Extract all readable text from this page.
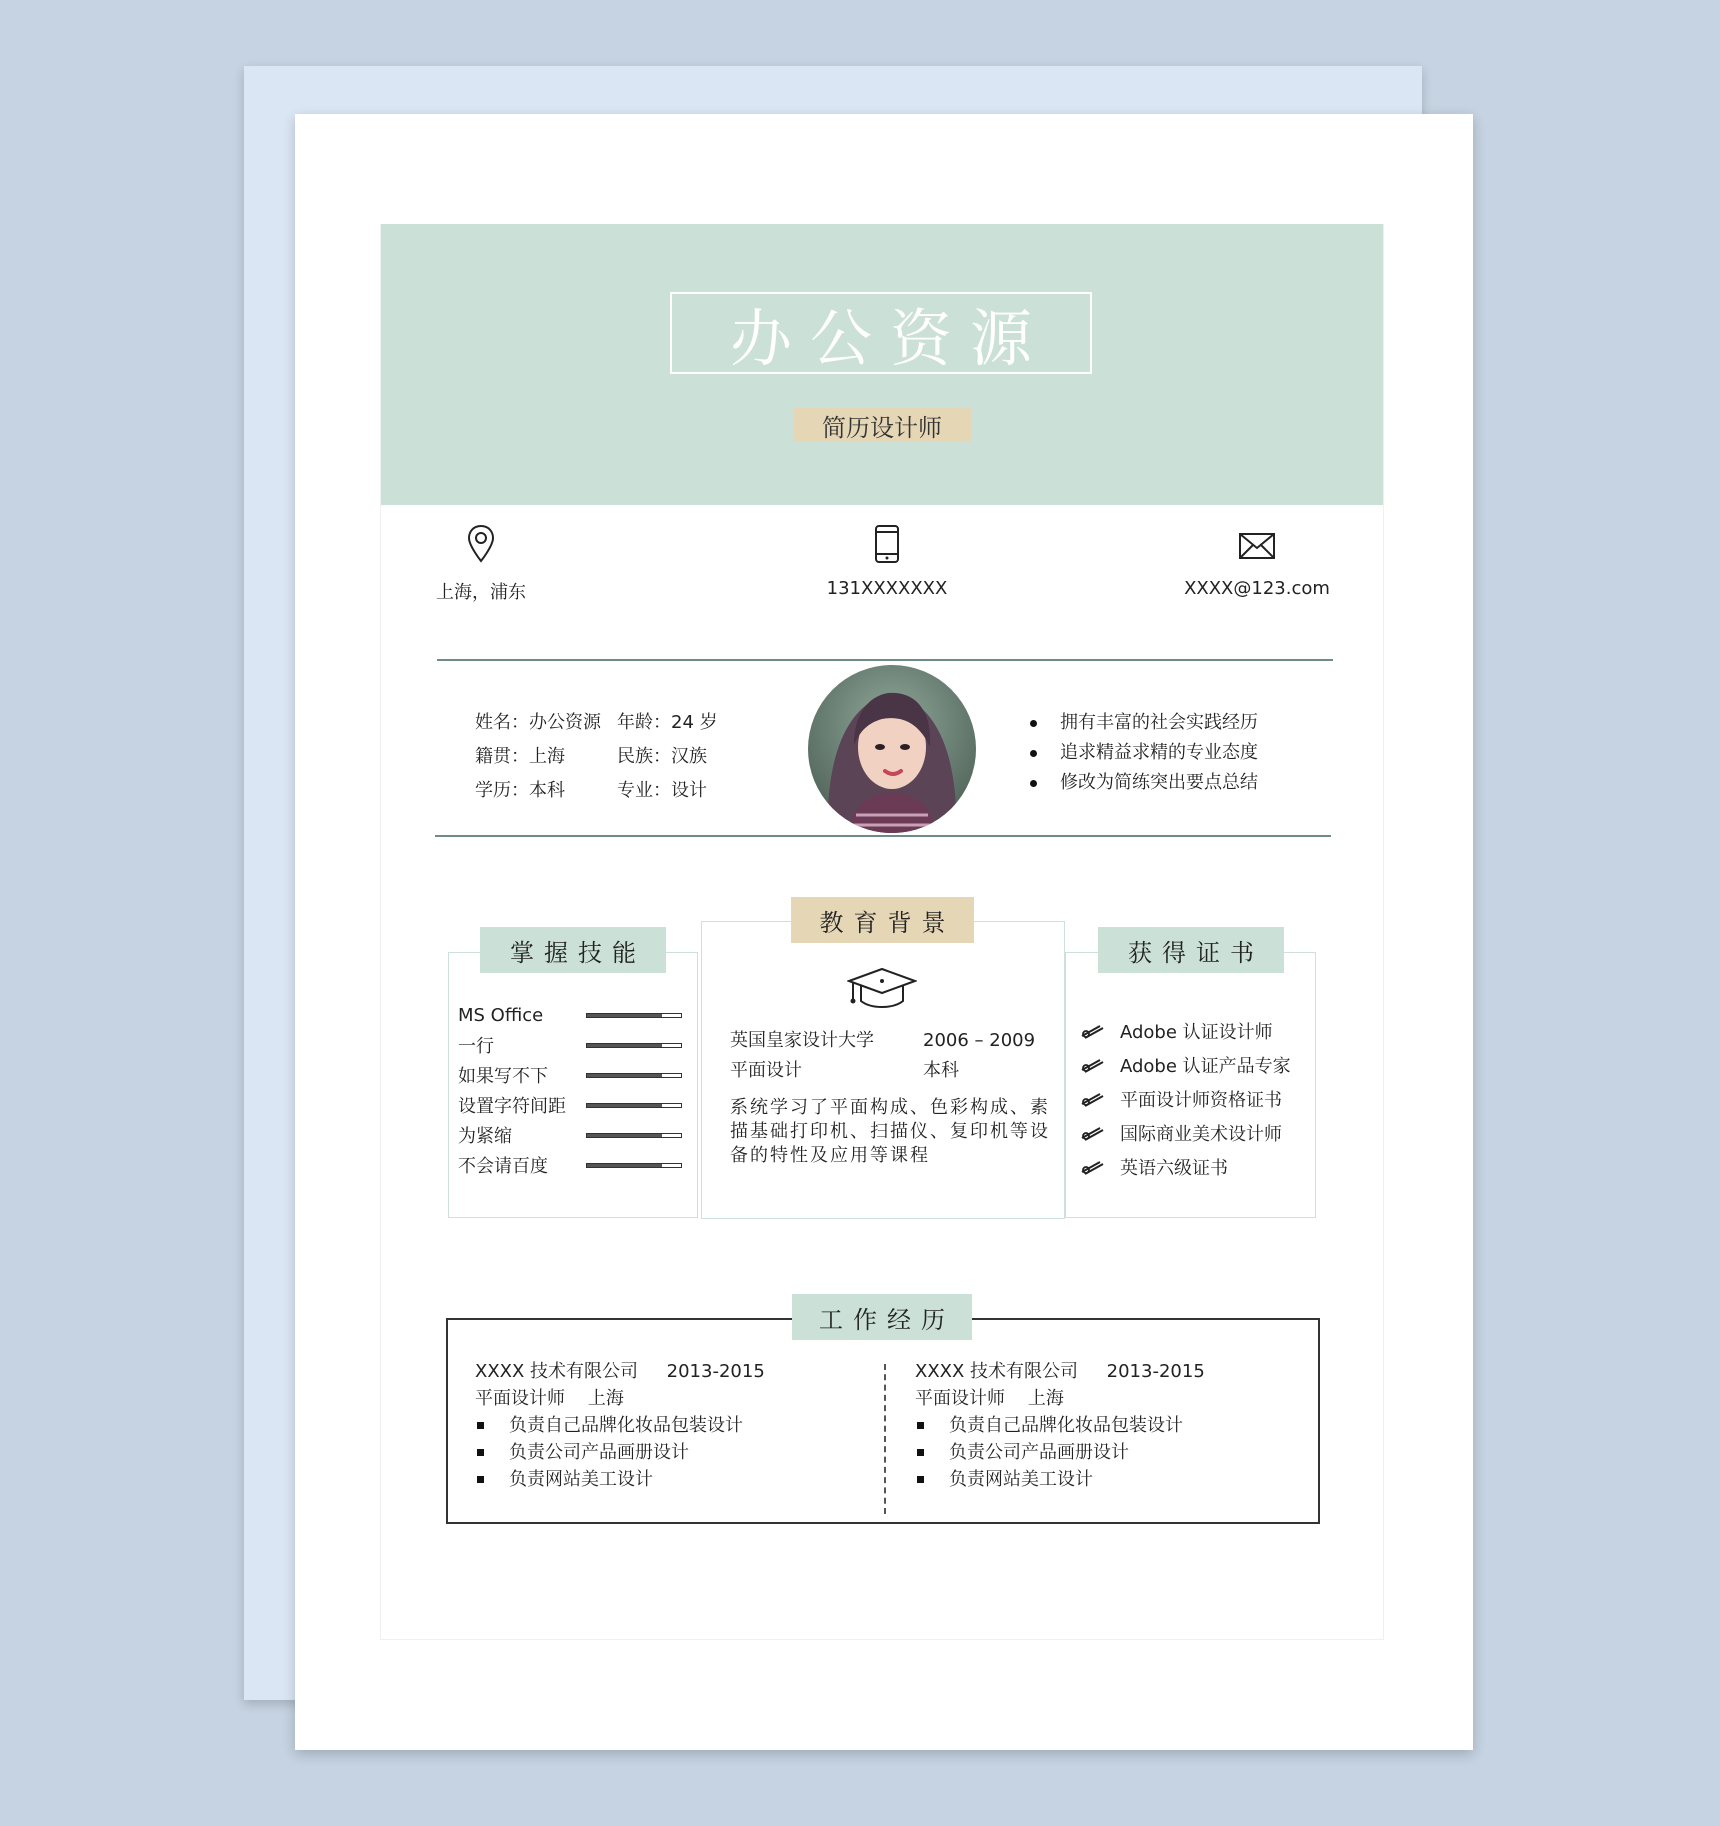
办公资源
简历设计师
上海，浦东	131XXXXXXX	XXXX@123.com
姓名：办公资源 年龄：24 岁
籍贯：上海	民族：汉族
学历：本科	专业：设计
拥有丰富的社会实践经历
追求精益求精的专业态度
修改为简练突出要点总结
掌握技能
教育背景
获得证书
MS Office
一行
如果写不下
设置字符间距
为紧缩
不会请百度
英国皇家设计大学	2006 – 2009
平面设计	本科
系统学习了平面构成、色彩构成、素描基础打印机、扫描仪、复印机等设备的特性及应用等课程
Adobe 认证设计师
Adobe 认证产品专家
平面设计师资格证书
国际商业美术设计师
英语六级证书
XXXX 技术有限公司 2013-2015
平面设计师 上海
负责自己品牌化妆品包装设计
负责公司产品画册设计
负责网站美工设计
XXXX 技术有限公司 2013-2015
平面设计师 上海
负责自己品牌化妆品包装设计
负责公司产品画册设计
负责网站美工设计
工作经历
